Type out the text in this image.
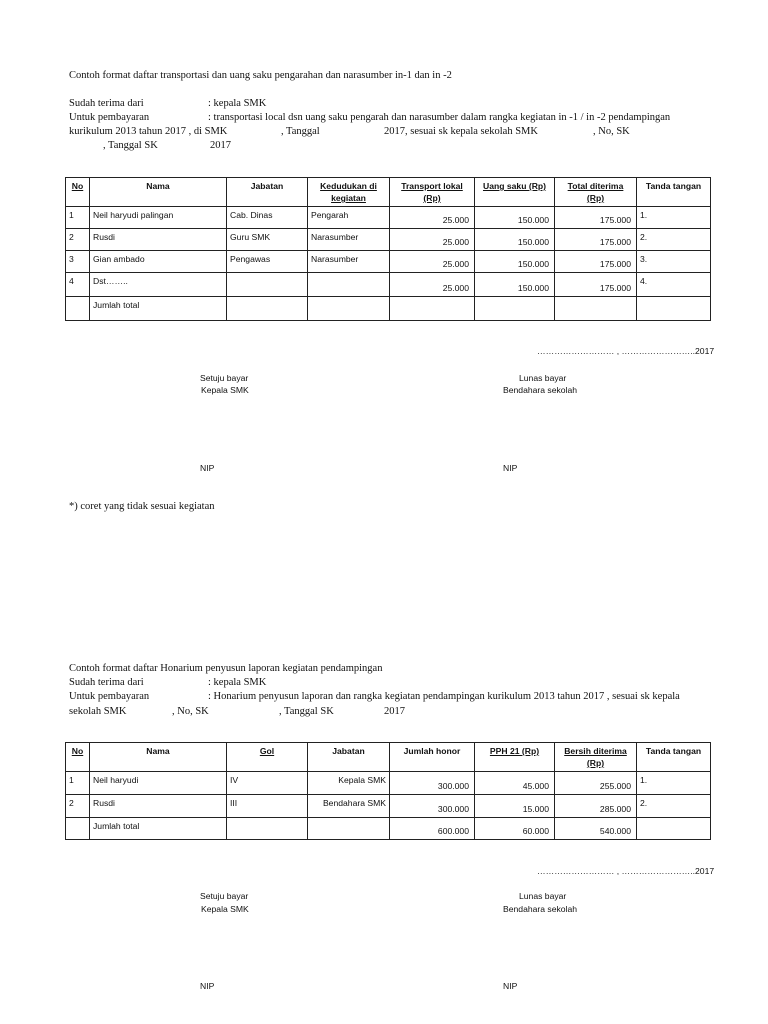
Contoh format daftar transportasi dan uang saku pengarahan dan narasumber in-1 dan in -2
Sudah terima dari	: kepala SMK
Untuk pembayaran	: transportasi local dsn uang saku pengarah dan narasumber dalam rangka kegiatan in -1 / in -2 pendampingan
kurikulum 2013 tahun 2017 , di SMK	, Tanggal	2017, sesuai sk kepala sekolah SMK	, No, SK
, Tanggal SK	2017
No	Nama	Jabatan	Kedudukan di kegiatan	Transport lokal (Rp)	Uang saku (Rp)	Total diterima (Rp)	Tanda tangan
1	Neil haryudi palingan	Cab. Dinas	Pengarah	25.000	150.000	175.000	1.
2	Rusdi	Guru SMK	Narasumber	25.000	150.000	175.000	2.
3	Gian ambado	Pengawas	Narasumber	25.000	150.000	175.000	3.
4	Dst……..			25.000	150.000	175.000	4.
	Jumlah total						
……………………… , ……………………..2017
Setuju bayar
Kepala SMK
Lunas bayar
Bendahara sekolah
NIP	NIP
*) coret yang tidak sesuai kegiatan
Contoh format daftar Honarium penyusun laporan kegiatan pendampingan
Sudah terima dari	: kepala SMK
Untuk pembayaran	: Honarium penyusun laporan dan rangka kegiatan pendampingan kurikulum 2013 tahun 2017 , sesuai sk kepala
sekolah SMK	, No, SK	, Tanggal SK	2017
No	Nama	Gol	Jabatan	Jumlah honor	PPH 21 (Rp)	Bersih diterima (Rp)	Tanda tangan
1	Neil haryudi	IV	Kepala SMK	300.000	45.000	255.000	1.
2	Rusdi	III	Bendahara SMK	300.000	15.000	285.000	2.
	Jumlah total			600.000	60.000	540.000	
……………………… , ……………………..2017
Setuju bayar
Kepala SMK
Lunas bayar
Bendahara sekolah
NIP	NIP
